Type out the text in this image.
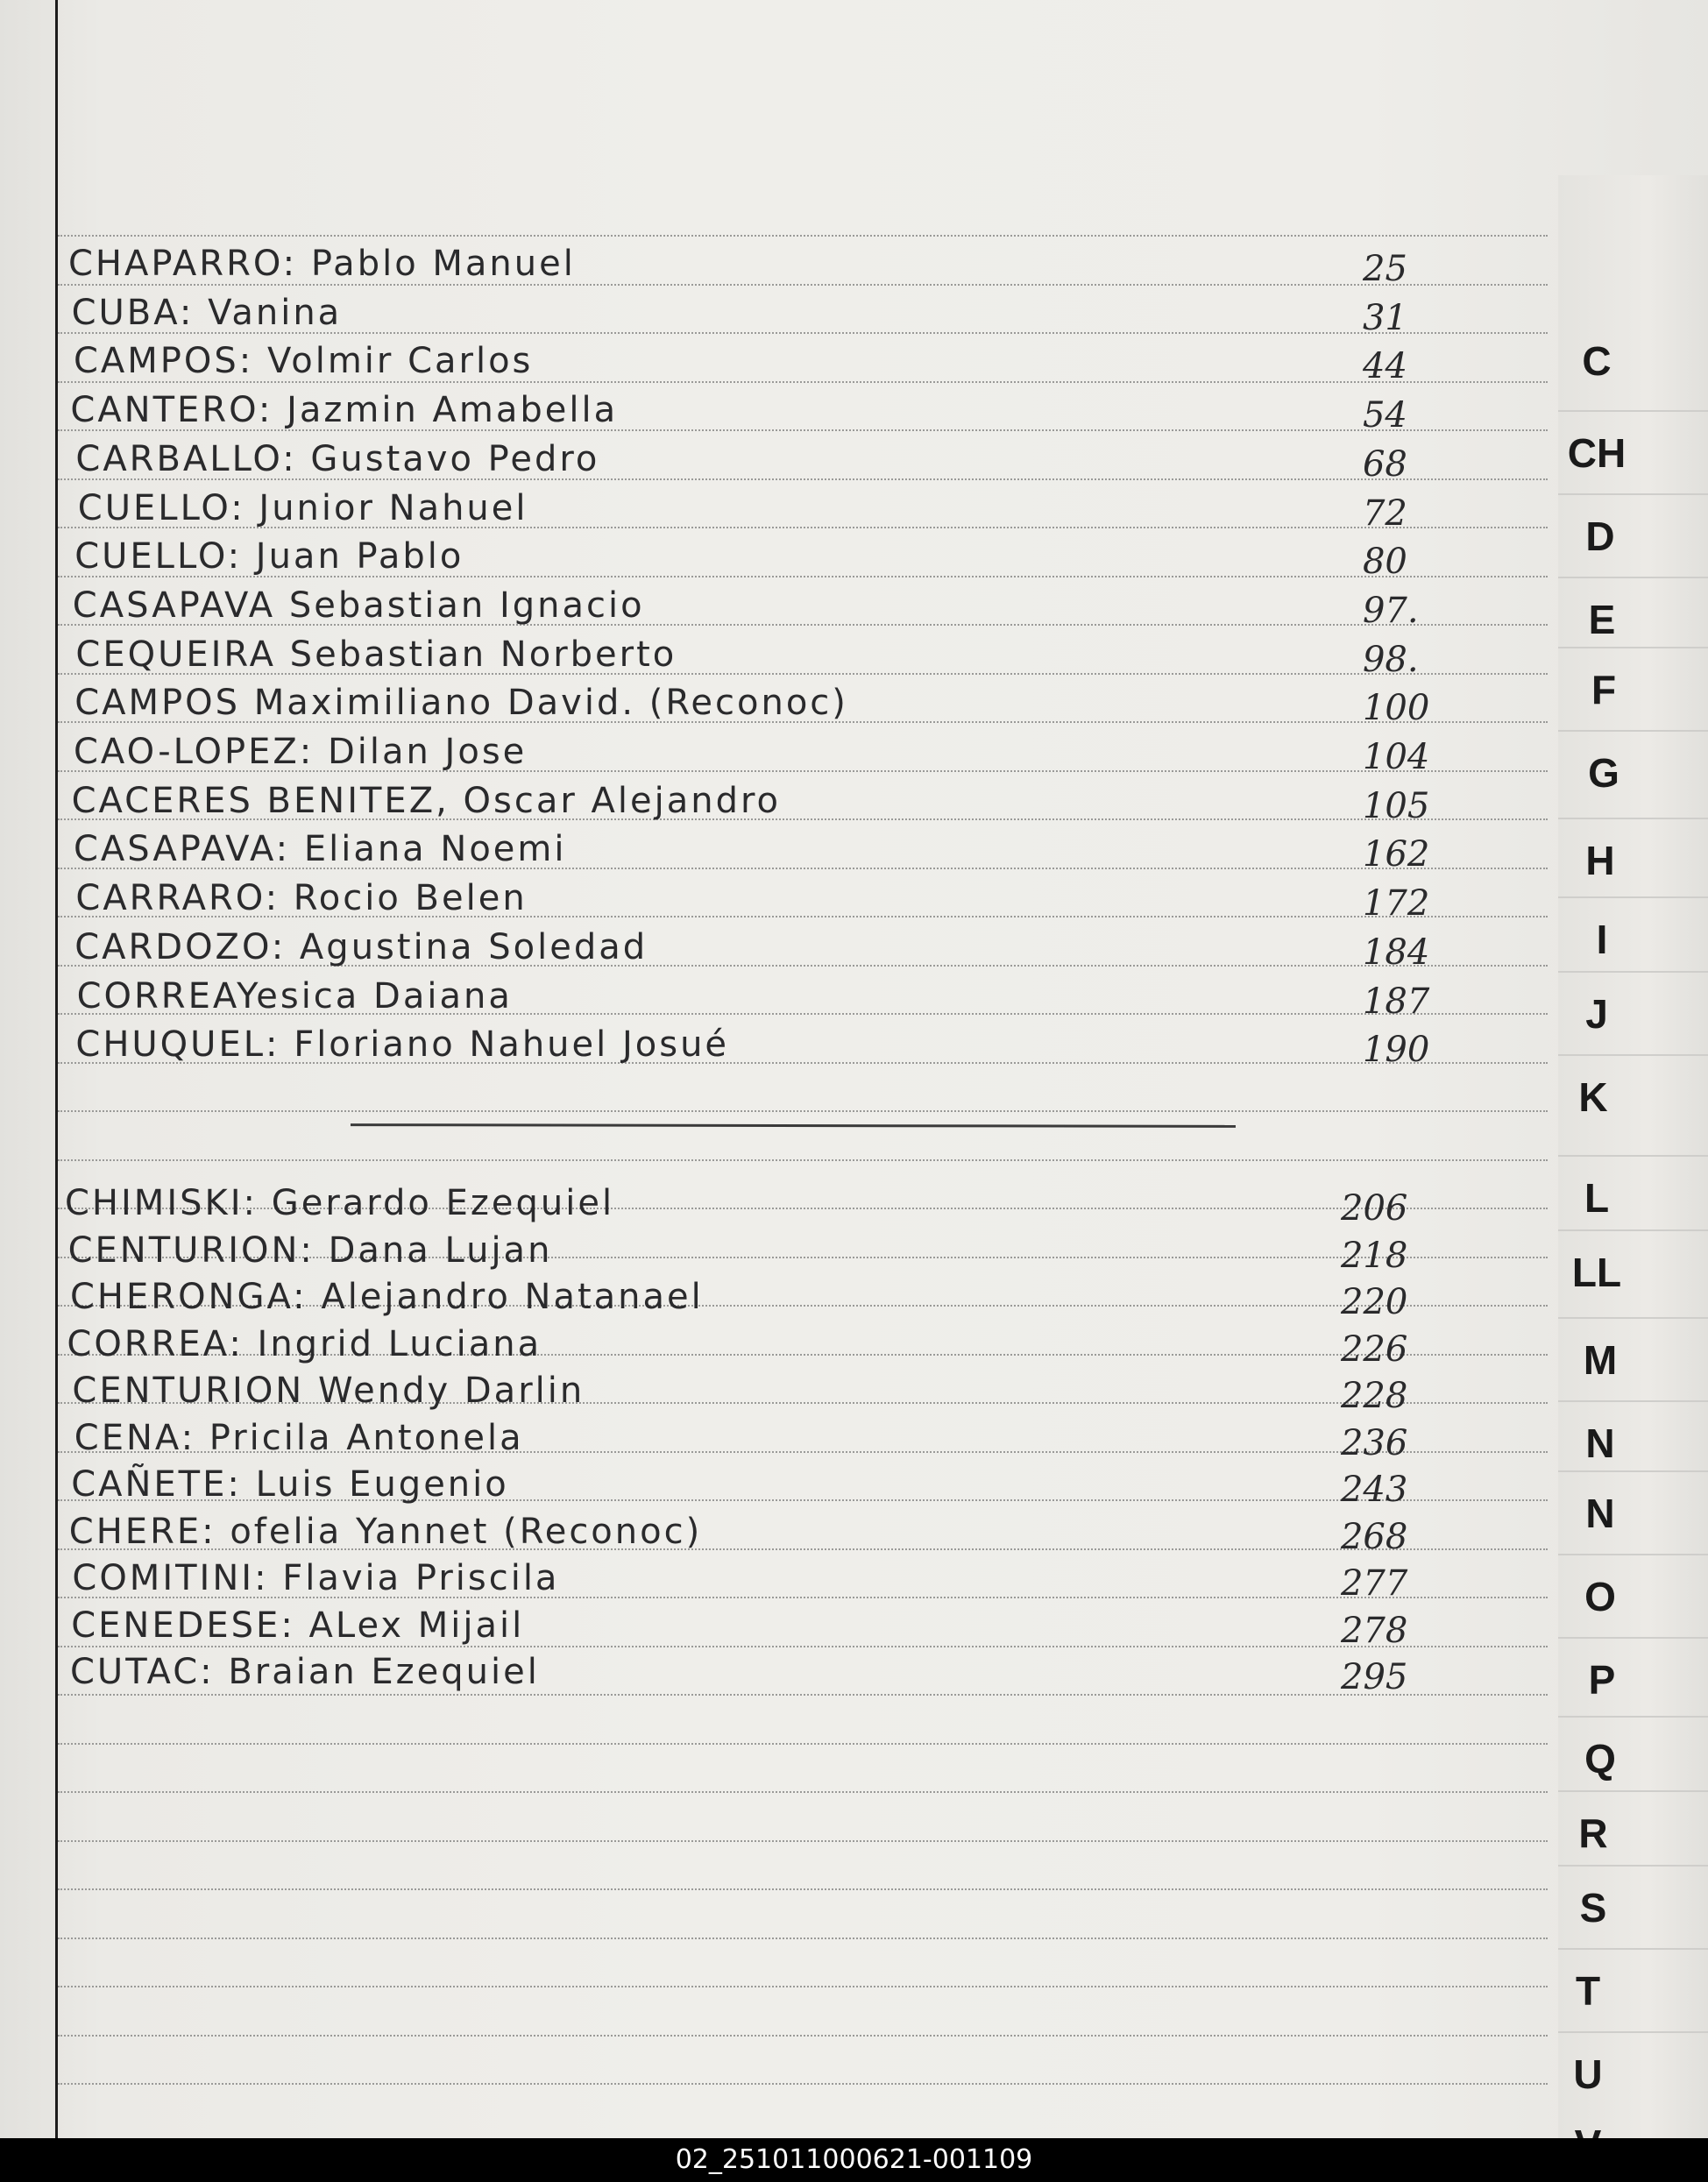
CHAPARRO: Pablo Manuel	25
CUBA: Vanina	31
CAMPOS: Volmir Carlos	44
CANTERO: Jazmin Amabella	54
CARBALLO: Gustavo Pedro	68
CUELLO: Junior Nahuel	72
CUELLO: Juan Pablo	80
CASAPAVA Sebastian Ignacio	97.
CEQUEIRA Sebastian Norberto	98.
CAMPOS Maximiliano David. (Reconoc)	100
CAO-LOPEZ: Dilan Jose	104
CACERES BENITEZ, Oscar Alejandro	105
CASAPAVA: Eliana Noemi	162
CARRARO: Rocio Belen	172
CARDOZO: Agustina Soledad	184
CORREAYesica Daiana	187
CHUQUEL: Floriano Nahuel Josué	190
CHIMISKI: Gerardo Ezequiel	206
CENTURION: Dana Lujan	218
CHERONGA: Alejandro Natanael	220
CORREA: Ingrid Luciana	226
CENTURION Wendy Darlin	228
CENA: Pricila Antonela	236
CAÑETE: Luis Eugenio	243
CHERE: ofelia Yannet (Reconoc)	268
COMITINI: Flavia Priscila	277
CENEDESE: ALex Mijail	278
CUTAC: Braian Ezequiel	295
C
CH
D
E
F
G
H
I
J
K
L
LL
M
N
N
O
P
Q
R
S
T
U
02_251011000621-001109
